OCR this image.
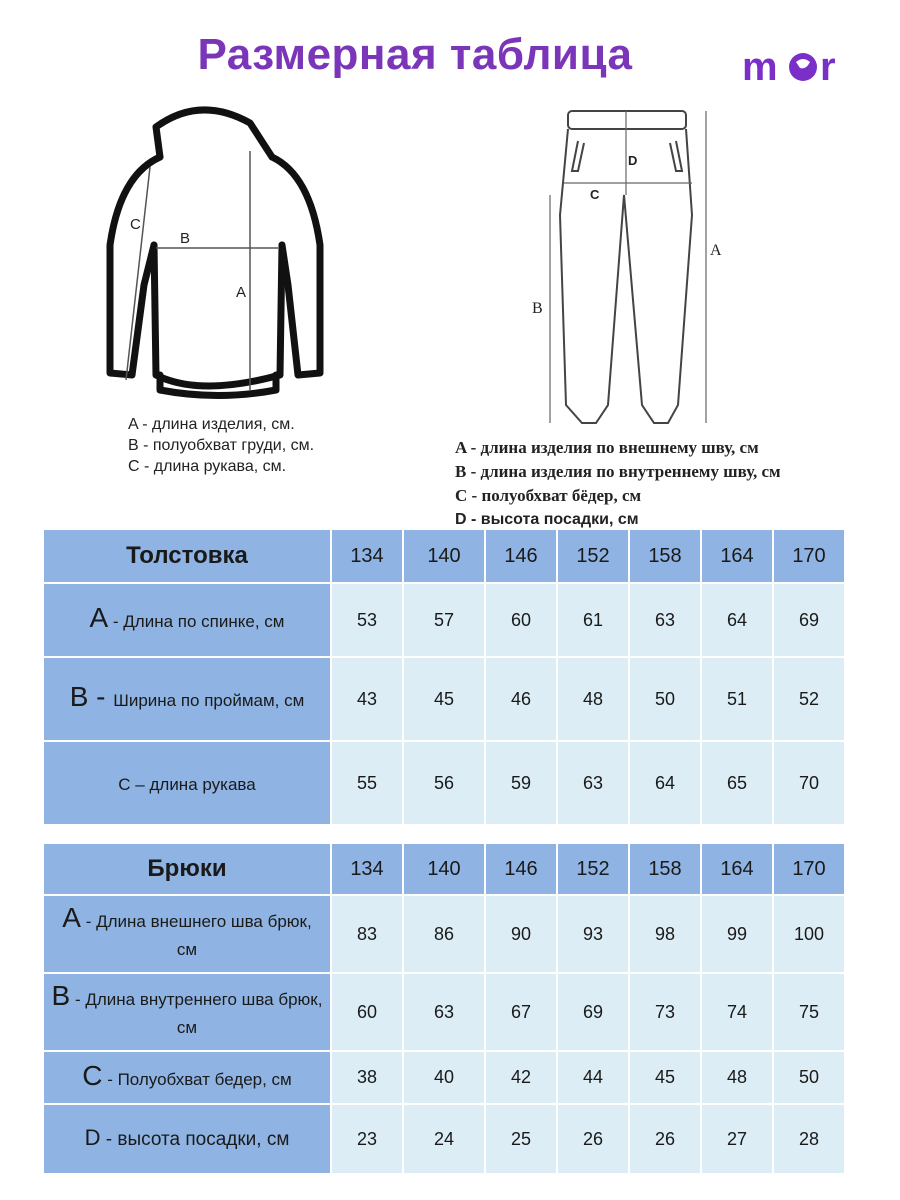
Размерная таблица	m r
B
A
C
A - длина изделия, см.
B - полуобхват груди, см.
C - длина рукава, см.
C
D
A
B
A - длина изделия по внешнему шву, см
B - длина изделия по внутреннему шву, см
C - полуобхват бёдер, см
D - высота посадки, см
Толстовка	134	140	146	152	158	164	170
A - Длина по спинке, см	53	57	60	61	63	64	69
B - Ширина по проймам, см	43	45	46	48	50	51	52
C – длина рукава	55	56	59	63	64	65	70
Брюки	134	140	146	152	158	164	170
A - Длина внешнего шва брюк, см	83	86	90	93	98	99	100
B - Длина внутреннего шва брюк, см	60	63	67	69	73	74	75
C - Полуобхват бедер, см	38	40	42	44	45	48	50
D - высота посадки, см	23	24	25	26	26	27	28
